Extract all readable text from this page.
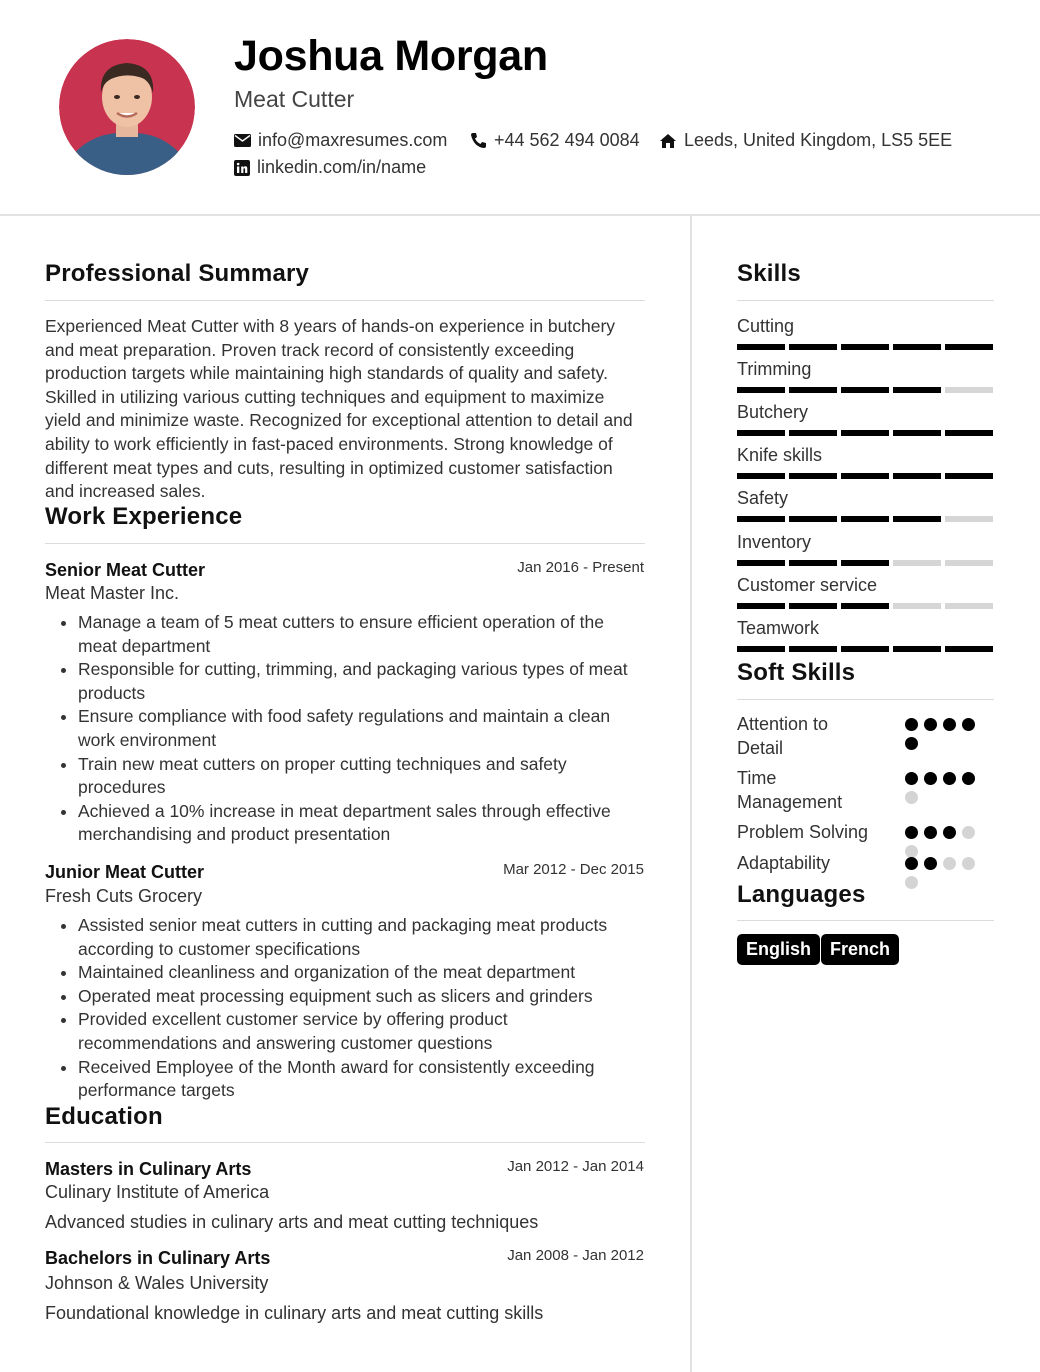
Joshua Morgan
Meat Cutter
info@maxresumes.com	+44 562 494 0084 Leeds, United Kingdom, LS5 5EE
linkedin.com/in/name
Professional Summary
Experienced Meat Cutter with 8 years of hands-on experience in butchery and meat preparation. Proven track record of consistently exceeding production targets while maintaining high standards of quality and safety. Skilled in utilizing various cutting techniques and equipment to maximize yield and minimize waste. Recognized for exceptional attention to detail and ability to work efficiently in fast-paced environments. Strong knowledge of different meat types and cuts, resulting in optimized customer satisfaction and increased sales.
Work Experience
Senior Meat Cutter	Jan 2016 - Present
Meat Master Inc.
• Manage a team of 5 meat cutters to ensure efficient operation of the meat department
• Responsible for cutting, trimming, and packaging various types of meat products
• Ensure compliance with food safety regulations and maintain a clean work environment
• Train new meat cutters on proper cutting techniques and safety procedures
• Achieved a 10% increase in meat department sales through effective merchandising and product presentation
Junior Meat Cutter	Mar 2012 - Dec 2015
Fresh Cuts Grocery
• Assisted senior meat cutters in cutting and packaging meat products according to customer specifications
• Maintained cleanliness and organization of the meat department
• Operated meat processing equipment such as slicers and grinders
• Provided excellent customer service by offering product recommendations and answering customer questions
• Received Employee of the Month award for consistently exceeding performance targets
Education
Masters in Culinary Arts	Jan 2012 - Jan 2014
Culinary Institute of America
Advanced studies in culinary arts and meat cutting techniques
Bachelors in Culinary Arts	Jan 2008 - Jan 2012
Johnson & Wales University
Foundational knowledge in culinary arts and meat cutting skills
Skills
Cutting
Trimming
Butchery
Knife skills
Safety
Inventory
Customer service
Teamwork
Soft Skills
Attention to Detail
Time Management
Problem Solving
Adaptability
Languages
English	French
